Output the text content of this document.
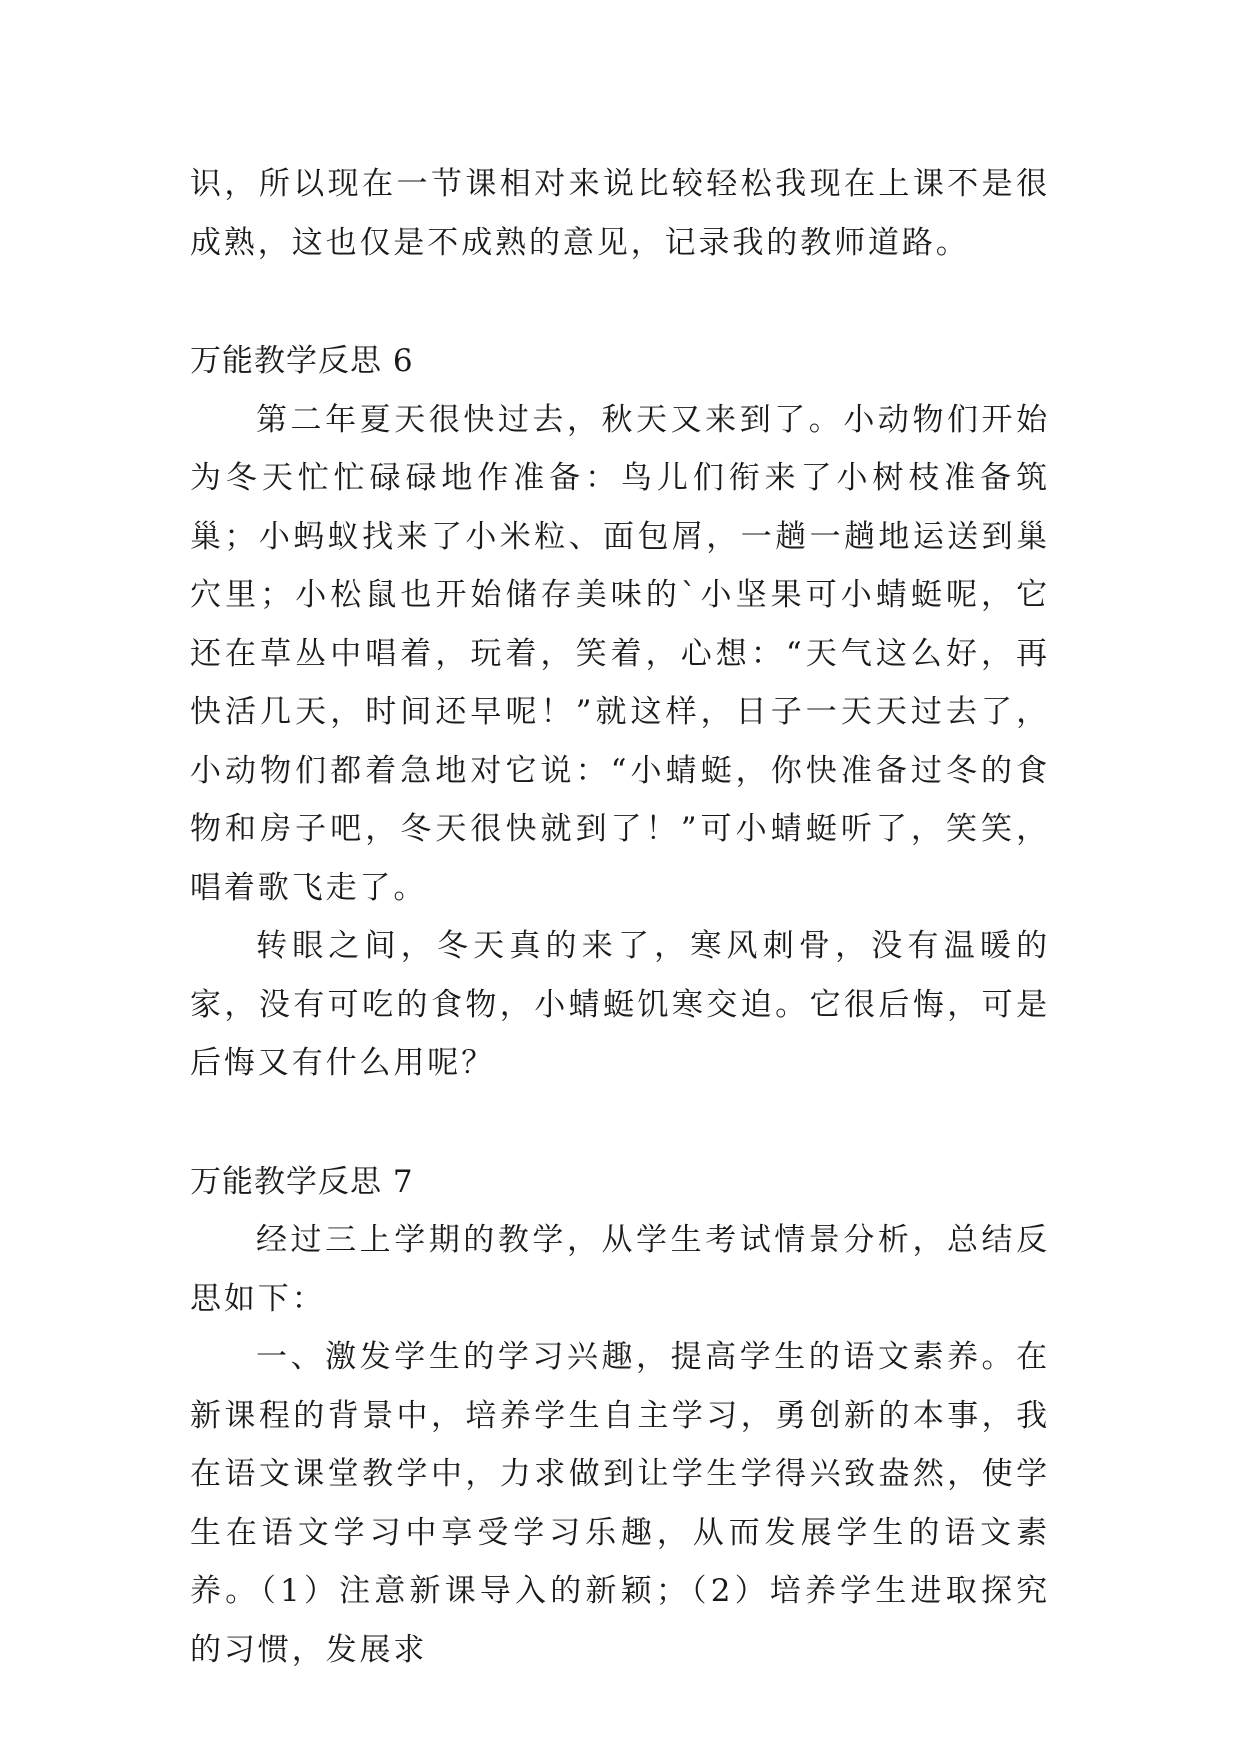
识，所以现在一节课相对来说比较轻松我现在上课不是很成熟，这也仅是不成熟的意见，记录我的教师道路。

万能教学反思 6

第二年夏天很快过去，秋天又来到了。小动物们开始为冬天忙忙碌碌地作准备：鸟儿们衔来了小树枝准备筑巢；小蚂蚁找来了小米粒、面包屑，一趟一趟地运送到巢穴里；小松鼠也开始储存美味的`小坚果可小蜻蜓呢，它还在草丛中唱着，玩着，笑着，心想：“天气这么好，再快活几天，时间还早呢！”就这样，日子一天天过去了，小动物们都着急地对它说：“小蜻蜓，你快准备过冬的食物和房子吧，冬天很快就到了！”可小蜻蜓听了，笑笑，唱着歌飞走了。

转眼之间，冬天真的来了，寒风刺骨，没有温暖的家，没有可吃的食物，小蜻蜓饥寒交迫。它很后悔，可是后悔又有什么用呢？

万能教学反思 7

经过三上学期的教学，从学生考试情景分析，总结反思如下：

一、激发学生的学习兴趣，提高学生的语文素养。在新课程的背景中，培养学生自主学习，勇创新的本事，我在语文课堂教学中，力求做到让学生学得兴致盎然，使学生在语文学习中享受学习乐趣，从而发展学生的语文素养。（1）注意新课导入的新颖；（2）培养学生进取探究的习惯，发展求
